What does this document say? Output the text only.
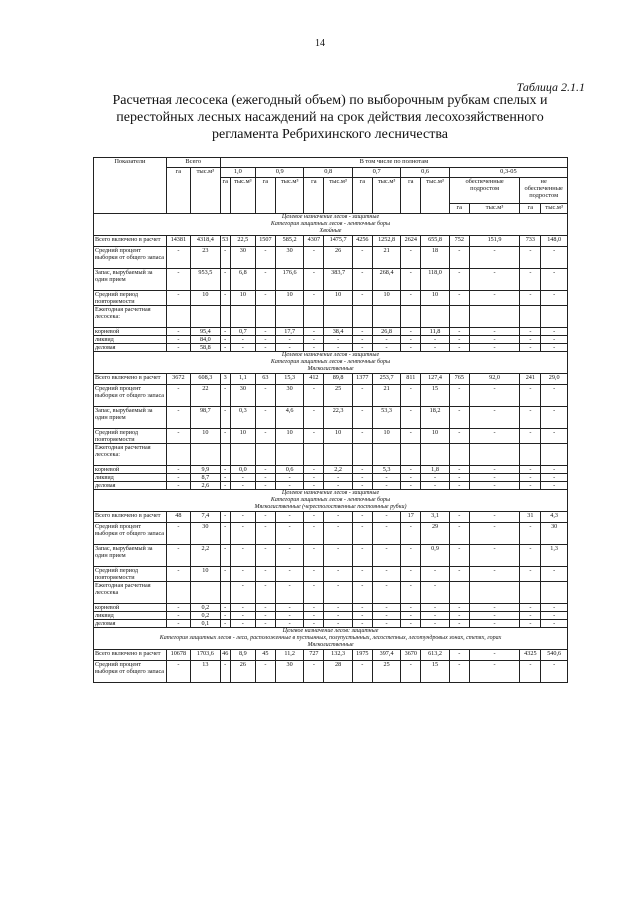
14
Таблица 2.1.1
Расчетная лесосека (ежегодный объем) по выборочным рубкам спелых и перестойных лесных насаждений на срок действия лесохозяйственного регламента Ребрихинского лесничества
Показатели	Всего		В том числе по полнотам													
	га	тыс.м³	1,0		0,9		0,8		0,7		0,6		0,3-05			
			га	тыс.м³	га	тыс.м³	га	тыс.м³	га	тыс.м³	га	тыс.м³	обеспеченные подростом		не обеспеченные подростом	
													га	тыс.м³	га	тыс.м³

Целевое назначение лесов - защитные
Категория защитных лесов - ленточные боры
Хвойные																

Всего включено в расчет	14381	4318,4	53	22,5	1507	585,2	4307	1475,7	4256	1252,8	2624	655,8	752	151,9	733	148,0
Средний процент выборки от общего запаса	-	23	-	30	-	30	-	26	-	21	-	18	-	-	-	-
Запас, вырубаемый за один прием	-	953,5	-	6,8	-	176,6	-	383,7	-	268,4	-	118,0	-	-	-	-
Средний период повторяемости	-	10	-	10	-	10	-	10	-	10	-	10	-	-	-	-
Ежегодная расчетная лесосека:																
корневой	-	95,4	-	0,7	-	17,7	-	38,4	-	26,8	-	11,8	-	-	-	-
ликвид	-	84,0	-	-	-	-	-	-	-	-	-	-	-	-	-	-
деловая	-	58,8	-	-	-	-	-	-	-	-	-	-	-	-	-	-

Целевое назначение лесов - защитные
Категория защитных лесов - ленточные боры
Мягколиственные																

Всего включено в расчет	3672	608,3	3	1,1	63	15,3	412	89,8	1377	253,7	811	127,4	765	92,0	241	29,0
Средний процент выборки от общего запаса	-	22	-	30	-	30	-	25	-	21	-	15	-	-	-	-
Запас, вырубаемый за один прием	-	98,7	-	0,3	-	4,6	-	22,3	-	53,3	-	18,2	-	-	-	-
Средний период повторяемости	-	10	-	10	-	10	-	10	-	10	-	10	-	-	-	-
Ежегодная расчетная лесосека:																
корневой	-	9,9	-	0,0	-	0,6	-	2,2	-	5,3	-	1,8	-	-	-	-
ликвид	-	8,7	-	-	-	-	-	-	-	-	-	-	-	-	-	-
деловая	-	2,6	-	-	-	-	-	-	-	-	-	-	-	-	-	-

Целевое назначение лесов - защитные
Категория защитных лесов - ленточные боры
Мягколиственные (черестолоственные постоянные рубки)																

Всего включено в расчет	48	7,4	-	-	-	-	-	-	-	-	17	3,1	-	-	31	4,3
Средний процент выборки от общего запаса	-	30	-	-	-	-	-	-	-	-	-	29	-	-	-	30
Запас, вырубаемый за один прием	-	2,2	-	-	-	-	-	-	-	-	-	0,9	-	-	-	1,3
Средний период повторяемости	-	10	-	-	-	-	-	-	-	-	-	-	-	-	-	-
Ежегодная расчетная лесосека				-	-	-	-	-	-	-	-	-				
корневой	-	0,2	-	-	-	-	-	-	-	-	-	-	-	-	-	-
ликвид	-	0,2	-	-	-	-	-	-	-	-	-	-	-	-	-	-
деловая	-	0,1	-	-	-	-	-	-	-	-	-	-	-	-	-	-

Целевое назначение лесов: защитные
Категория защитных лесов - леса, расположенные в пустынных, полупустынных, лесостепных, лесотундровых зонах, степях, горах
Мягколиственные																

Всего включено в расчет	10678	1703,6	46	8,9	45	11,2	727	132,3	1975	397,4	3670	613,2	-	-	4325	540,6
Средний процент выборки от общего запаса	-	13	-	26	-	30	-	28	-	25	-	15	-	-	-	-
